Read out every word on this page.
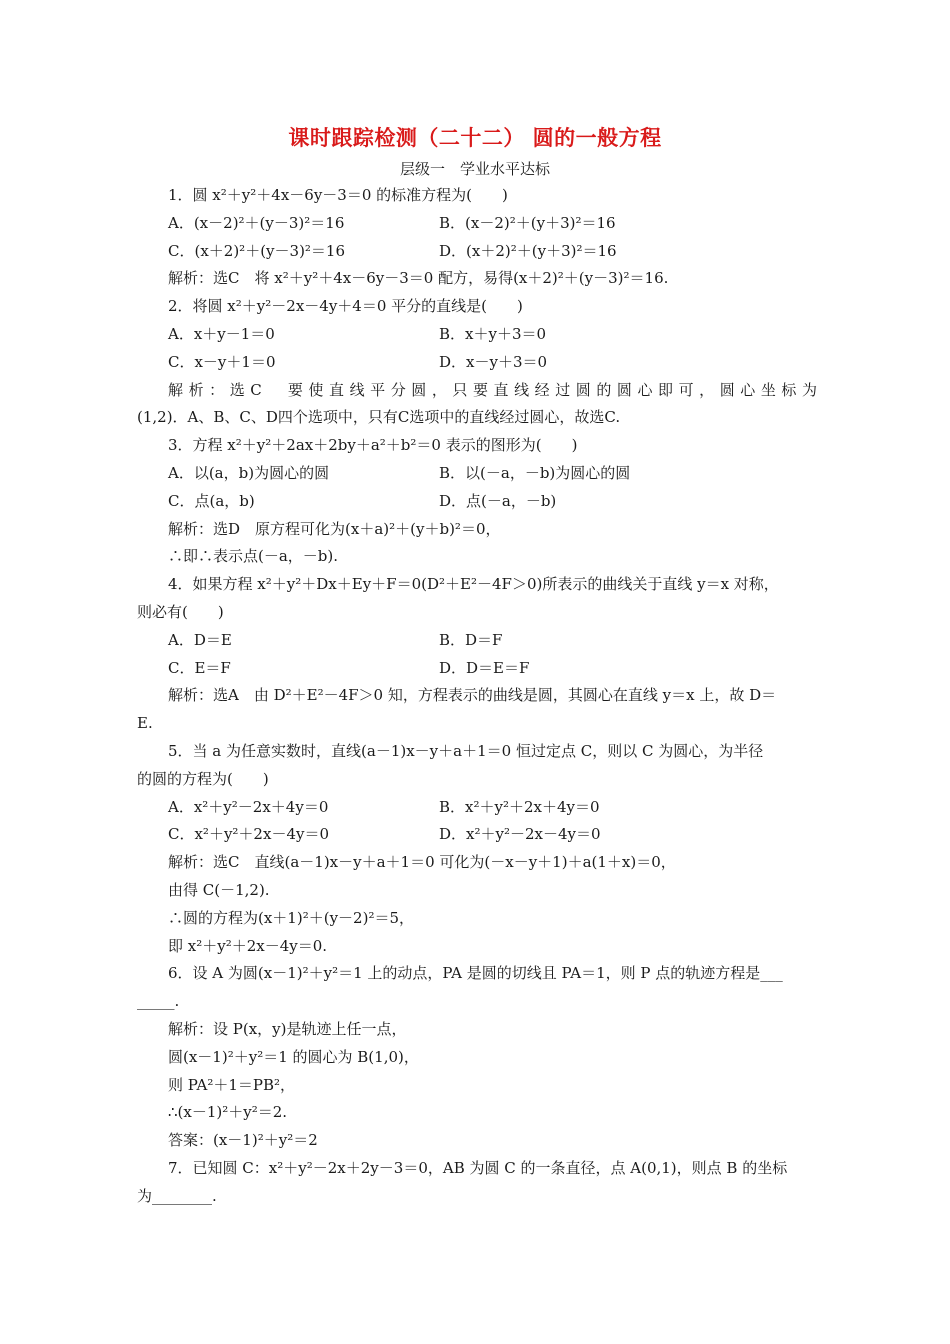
课时跟踪检测（二十二） 圆的一般方程
层级一　学业水平达标
1．圆 x²＋y²＋4x－6y－3＝0 的标准方程为(　　)
A．(x－2)²＋(y－3)²＝16	B．(x－2)²＋(y＋3)²＝16
C．(x＋2)²＋(y－3)²＝16	D．(x＋2)²＋(y＋3)²＝16
解析：选C　将 x²＋y²＋4x－6y－3＝0 配方，易得(x＋2)²＋(y－3)²＝16.
2．将圆 x²＋y²－2x－4y＋4＝0 平分的直线是(　　)
A．x＋y－1＝0	B．x＋y＋3＝0
C．x－y＋1＝0	D．x－y＋3＝0
解析：选C　要使直线平分圆，只要直线经过圆的圆心即可，圆心坐标为
(1,2)．A、B、C、D四个选项中，只有C选项中的直线经过圆心，故选C.
3．方程 x²＋y²＋2ax＋2by＋a²＋b²＝0 表示的图形为(　　)
A．以(a，b)为圆心的圆	B．以(－a，－b)为圆心的圆
C．点(a，b)	D．点(－a，－b)
解析：选D　原方程可化为(x＋a)²＋(y＋b)²＝0，
∴即∴表示点(－a，－b).
4．如果方程 x²＋y²＋Dx＋Ey＋F＝0(D²＋E²－4F＞0)所表示的曲线关于直线 y＝x 对称，
则必有(　　)
A．D＝E	B．D＝F
C．E＝F	D．D＝E＝F
解析：选A　由 D²＋E²－4F＞0 知，方程表示的曲线是圆，其圆心在直线 y＝x 上，故 D＝
E.
5．当 a 为任意实数时，直线(a－1)x－y＋a＋1＝0 恒过定点 C，则以 C 为圆心，为半径
的圆的方程为(　　)
A．x²＋y²－2x＋4y＝0	B．x²＋y²＋2x＋4y＝0
C．x²＋y²＋2x－4y＝0	D．x²＋y²－2x－4y＝0
解析：选C　直线(a－1)x－y＋a＋1＝0 可化为(－x－y＋1)＋a(1＋x)＝0，
由得 C(－1,2).
∴圆的方程为(x＋1)²＋(y－2)²＝5，
即 x²＋y²＋2x－4y＝0.
6．设 A 为圆(x－1)²＋y²＝1 上的动点，PA 是圆的切线且 PA＝1，则 P 点的轨迹方程是___
_____.
解析：设 P(x，y)是轨迹上任一点，
圆(x－1)²＋y²＝1 的圆心为 B(1,0)，
则 PA²＋1＝PB²，
∴(x－1)²＋y²＝2.
答案：(x－1)²＋y²＝2
7．已知圆 C：x²＋y²－2x＋2y－3＝0，AB 为圆 C 的一条直径，点 A(0,1)，则点 B 的坐标
为________.
